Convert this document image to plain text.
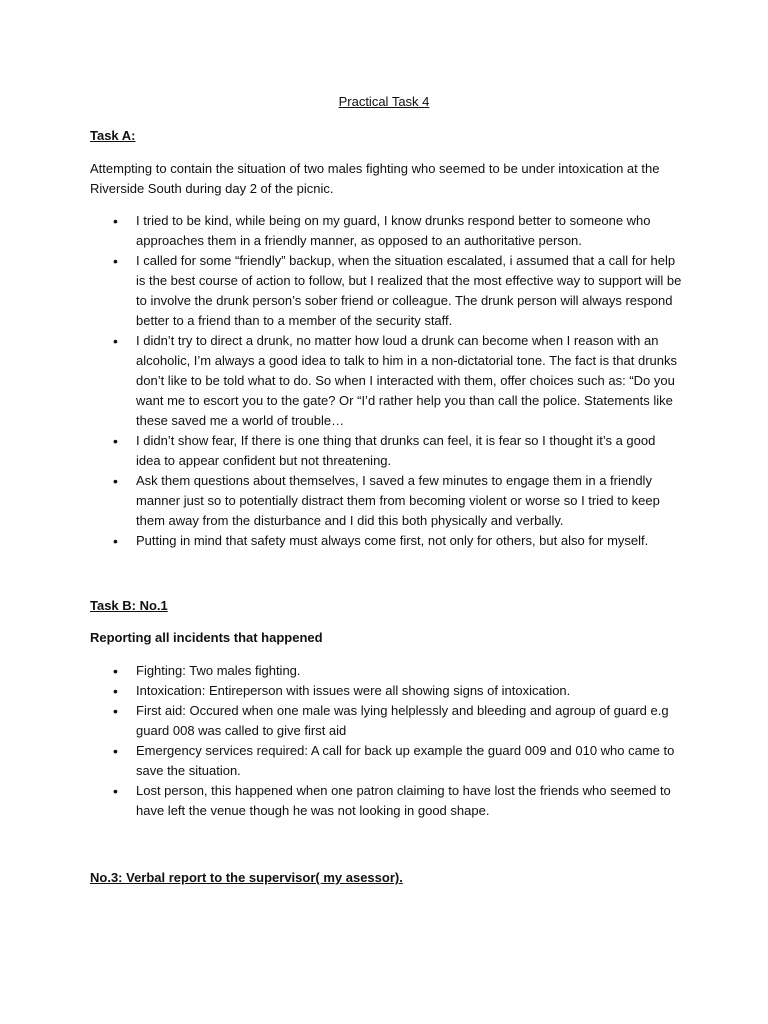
Practical Task 4
Task A:
Attempting to contain the situation of two males fighting who seemed to be under intoxication at the Riverside South during day 2 of the picnic.
• I tried to be kind, while being on my guard, I know drunks respond better to someone who approaches them in a friendly manner, as opposed to an authoritative person.
• I called for some “friendly” backup, when the situation escalated, i assumed that a call for help is the best course of action to follow, but I realized that the most effective way to support will be to involve the drunk person’s sober friend or colleague. The drunk person will always respond better to a friend than to a member of the security staff.
• I didn’t try to direct a drunk, no matter how loud a drunk can become when I reason with an alcoholic, I’m always a good idea to talk to him in a non-dictatorial tone. The fact is that drunks don’t like to be told what to do. So when I interacted with them, offer choices such as: “Do you want me to escort you to the gate? Or “I’d rather help you than call the police. Statements like these saved me a world of trouble…
• I didn’t show fear, If there is one thing that drunks can feel, it is fear so I thought it’s a good idea to appear confident but not threatening.
• Ask them questions about themselves, I saved a few minutes to engage them in a friendly manner just so to potentially distract them from becoming violent or worse so I tried to keep them away from the disturbance and I did this both physically and verbally.
• Putting in mind that safety must always come first, not only for others, but also for myself.
Task B: No.1
Reporting all incidents that happened
• Fighting: Two males fighting.
• Intoxication: Entireperson with issues were all showing signs of intoxication.
• First aid: Occured when one male was lying helplessly and bleeding and agroup of guard e.g guard 008 was called to give first aid
• Emergency services required: A call for back up example the guard 009 and 010 who came to save the situation.
• Lost person, this happened when one patron claiming to have lost the friends who seemed to have left the venue though he was not looking in good shape.
No.3: Verbal report to the supervisor( my asessor).
